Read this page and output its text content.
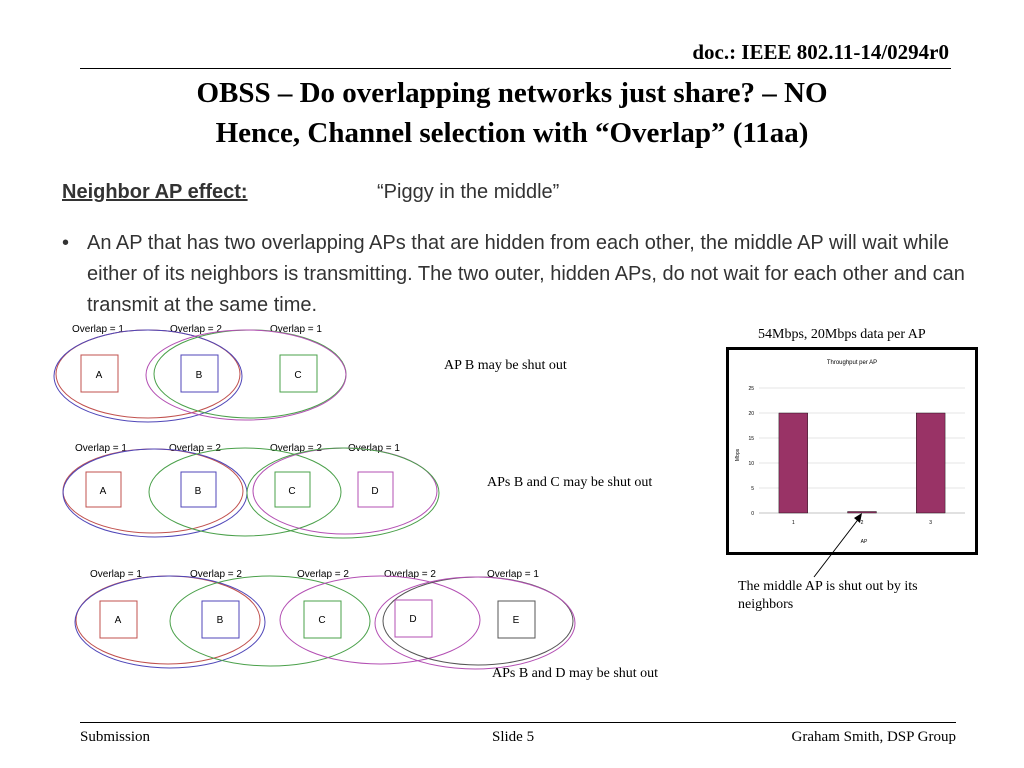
doc.: IEEE 802.11-14/0294r0
OBSS – Do overlapping networks just share? – NO
Hence, Channel selection with “Overlap” (11aa)
Neighbor AP effect:	“Piggy in the middle”
• An AP that has two overlapping APs that are hidden from each other, the middle AP will wait while either of its neighbors is transmitting. The two outer, hidden APs, do not wait for each other and can transmit at the same time.
Overlap = 1	Overlap = 2	Overlap = 1
A	B	C
AP B may be shut out
Overlap = 1	Overlap = 2	Overlap = 2	Overlap = 1
A	B	C	D
APs B and C may be shut out
Overlap = 1	Overlap = 2	Overlap = 2	Overlap = 2	Overlap = 1
A	B	C	D	E
APs B and D may be shut out
54Mbps, 20Mbps data per AP
Throughput per AP
Mbps
AP
0
5
10
15
20
25
1	2	3
The middle AP is shut out by its neighbors
Submission	Slide 5	Graham Smith, DSP Group
